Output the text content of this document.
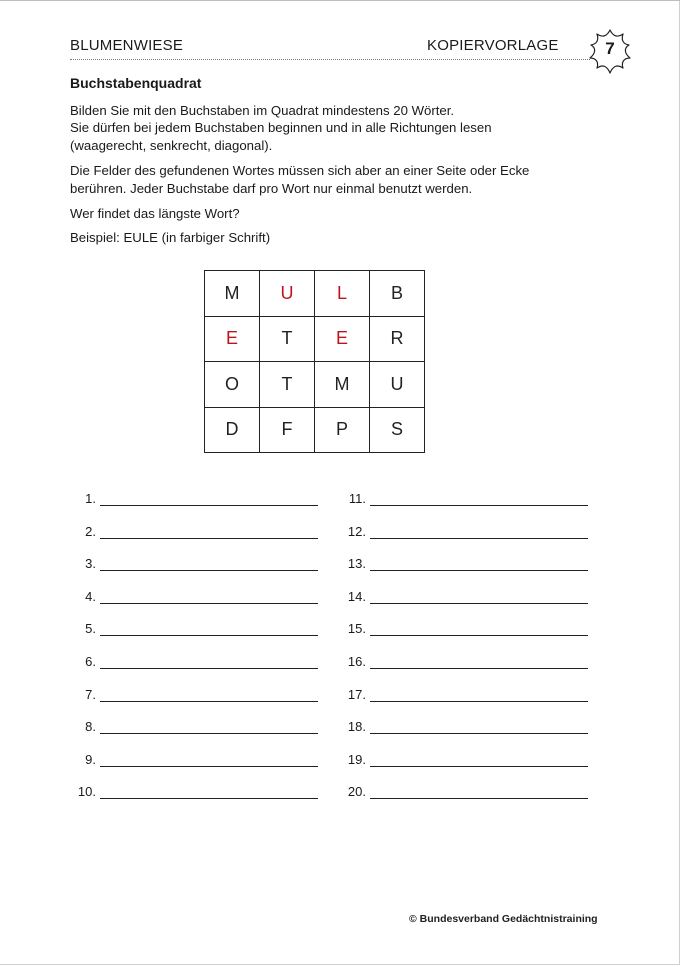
BLUMENWIESE	KOPIERVORLAGE	7
Buchstabenquadrat
Bilden Sie mit den Buchstaben im Quadrat mindestens 20 Wörter.
Sie dürfen bei jedem Buchstaben beginnen und in alle Richtungen lesen
(waagerecht, senkrecht, diagonal).
Die Felder des gefundenen Wortes müssen sich aber an einer Seite oder Ecke
berühren. Jeder Buchstabe darf pro Wort nur einmal benutzt werden.
Wer findet das längste Wort?
Beispiel: EULE (in farbiger Schrift)
M	U	L	B
E	T	E	R
O	T	M	U
D	F	P	S
1.
2.
3.
4.
5.
6.
7.
8.
9.
10.
11.
12.
13.
14.
15.
16.
17.
18.
19.
20.
© Bundesverband Gedächtnistraining
